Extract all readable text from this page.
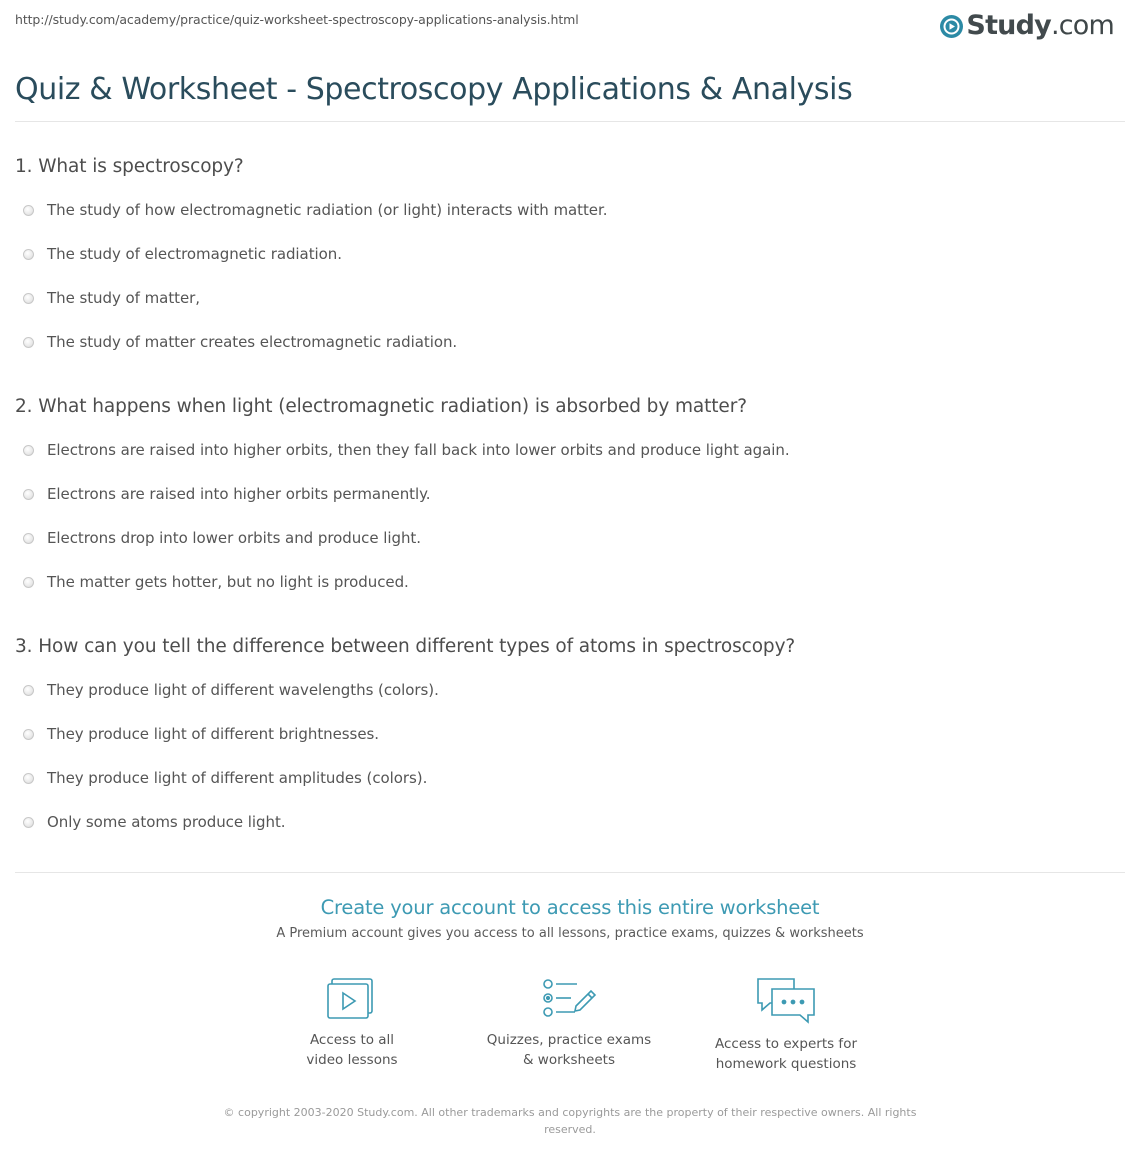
http://study.com/academy/practice/quiz-worksheet-spectroscopy-applications-analysis.html	Study.com
Quiz & Worksheet - Spectroscopy Applications & Analysis
1. What is spectroscopy?
The study of how electromagnetic radiation (or light) interacts with matter.
The study of electromagnetic radiation.
The study of matter,
The study of matter creates electromagnetic radiation.
2. What happens when light (electromagnetic radiation) is absorbed by matter?
Electrons are raised into higher orbits, then they fall back into lower orbits and produce light again.
Electrons are raised into higher orbits permanently.
Electrons drop into lower orbits and produce light.
The matter gets hotter, but no light is produced.
3. How can you tell the difference between different types of atoms in spectroscopy?
They produce light of different wavelengths (colors).
They produce light of different brightnesses.
They produce light of different amplitudes (colors).
Only some atoms produce light.
Create your account to access this entire worksheet
A Premium account gives you access to all lessons, practice exams, quizzes & worksheets
Access to all
video lessons
Quizzes, practice exams
& worksheets
Access to experts for
homework questions
© copyright 2003-2020 Study.com. All other trademarks and copyrights are the property of their respective owners. All rights
reserved.
